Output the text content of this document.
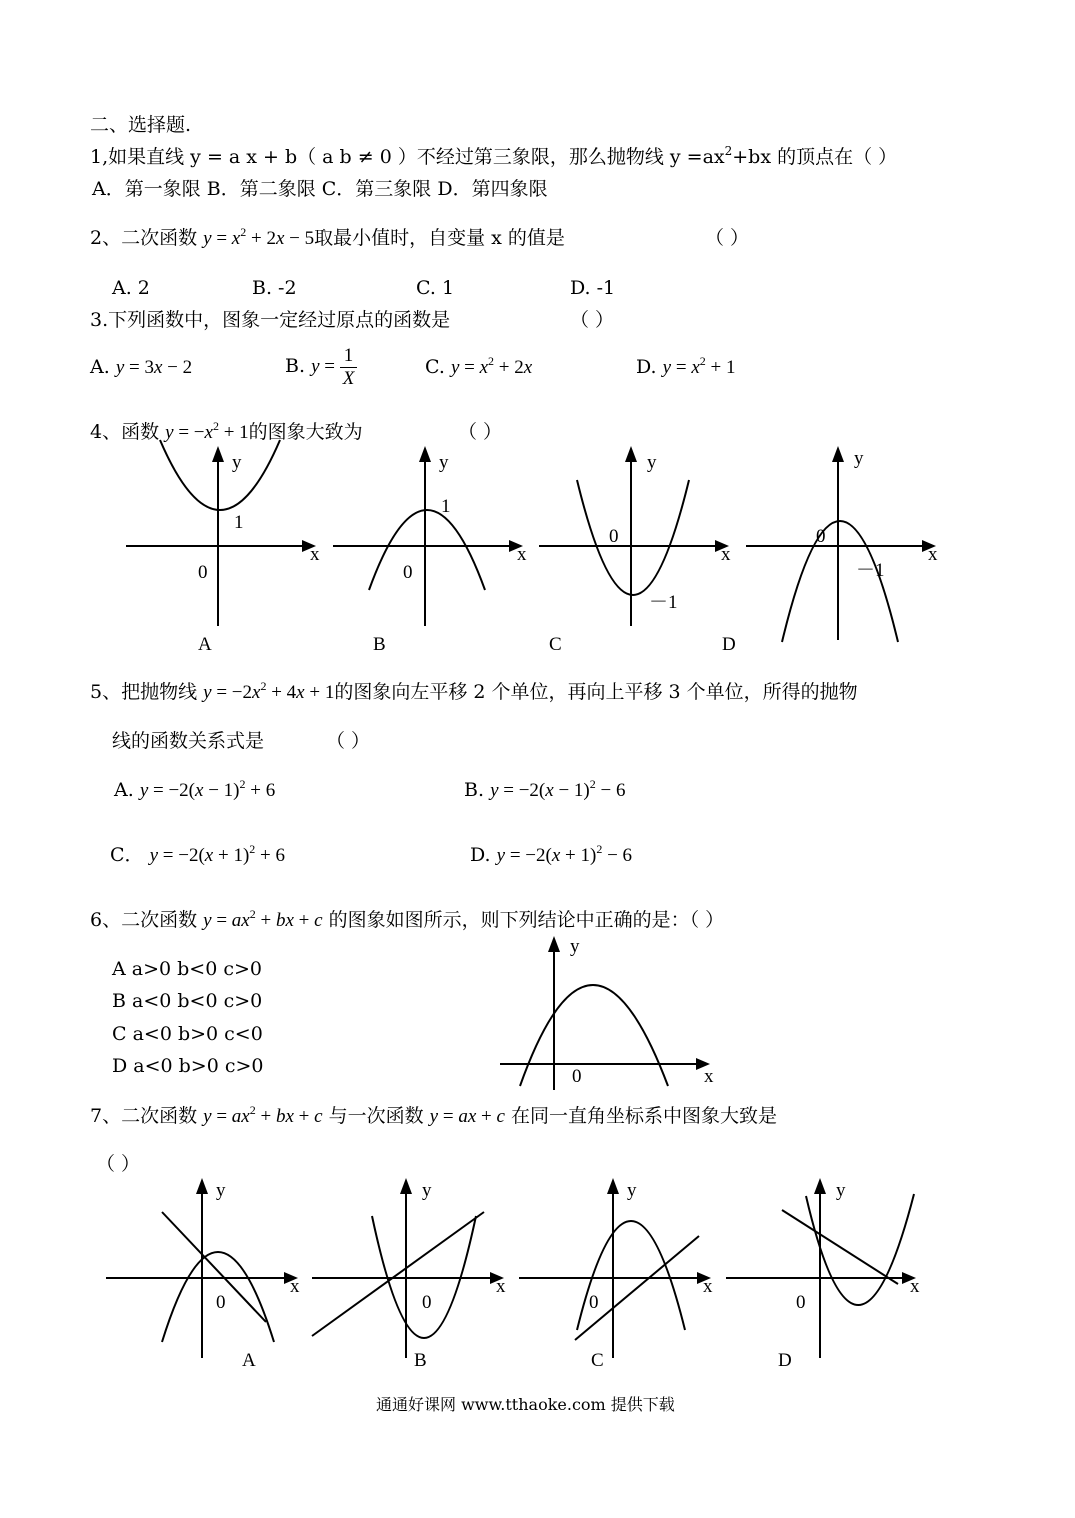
二、选择题.
1,如果直线 y = a x + b（ a b ≠ 0 ）不经过第三象限，那么抛物线 $y =ax^2+bx$ 的顶点在（ ）
A．第一象限 B．第二象限 C．第三象限 D．第四象限
2、二次函数 $y = x^2 + 2x - 5$取最小值时，自变量 x 的值是	（ ）
A. 2	B. -2	C. 1	D. -1
3.下列函数中，图象一定经过原点的函数是	（ ）
A. y = 3x − 2	B. $y = \frac{1}{X}$	C. $y = x^2 + 2x$	D. $y = x^2 + 1$
4、函数 $y = -x^2 + 1$的图象大致为	（ ）
y
x
0
1
A
y
x
0
1
B
y
x
0
－1
C
y
x
0
－1
D
5、把抛物线 $y = -2x^2 + 4x + 1$的图象向左平移 2 个单位，再向上平移 3 个单位，所得的抛物
线的函数关系式是	（ ）
A. $y = -2(x - 1)^2 + 6$	B. $y = -2(x - 1)^2 - 6$
C． $y = -2(x + 1)^2 + 6$	D. $y = -2(x + 1)^2 - 6$
6、二次函数 $y = ax^2$ + bx + c 的图象如图所示，则下列结论中正确的是：（ ）
A a>0 b<0 c>0
B a<0 b<0 c>0
C a<0 b>0 c<0
D a<0 b>0 c>0
y
x
0
7、二次函数 $y = ax^2$ + bx + c 与一次函数 y = ax + c 在同一直角坐标系中图象大致是
（ ）
y
x
0
A
y
x
0
B
y
x
0
C
y
x
0
D
通通好课网 www.tthaoke.com 提供下载
